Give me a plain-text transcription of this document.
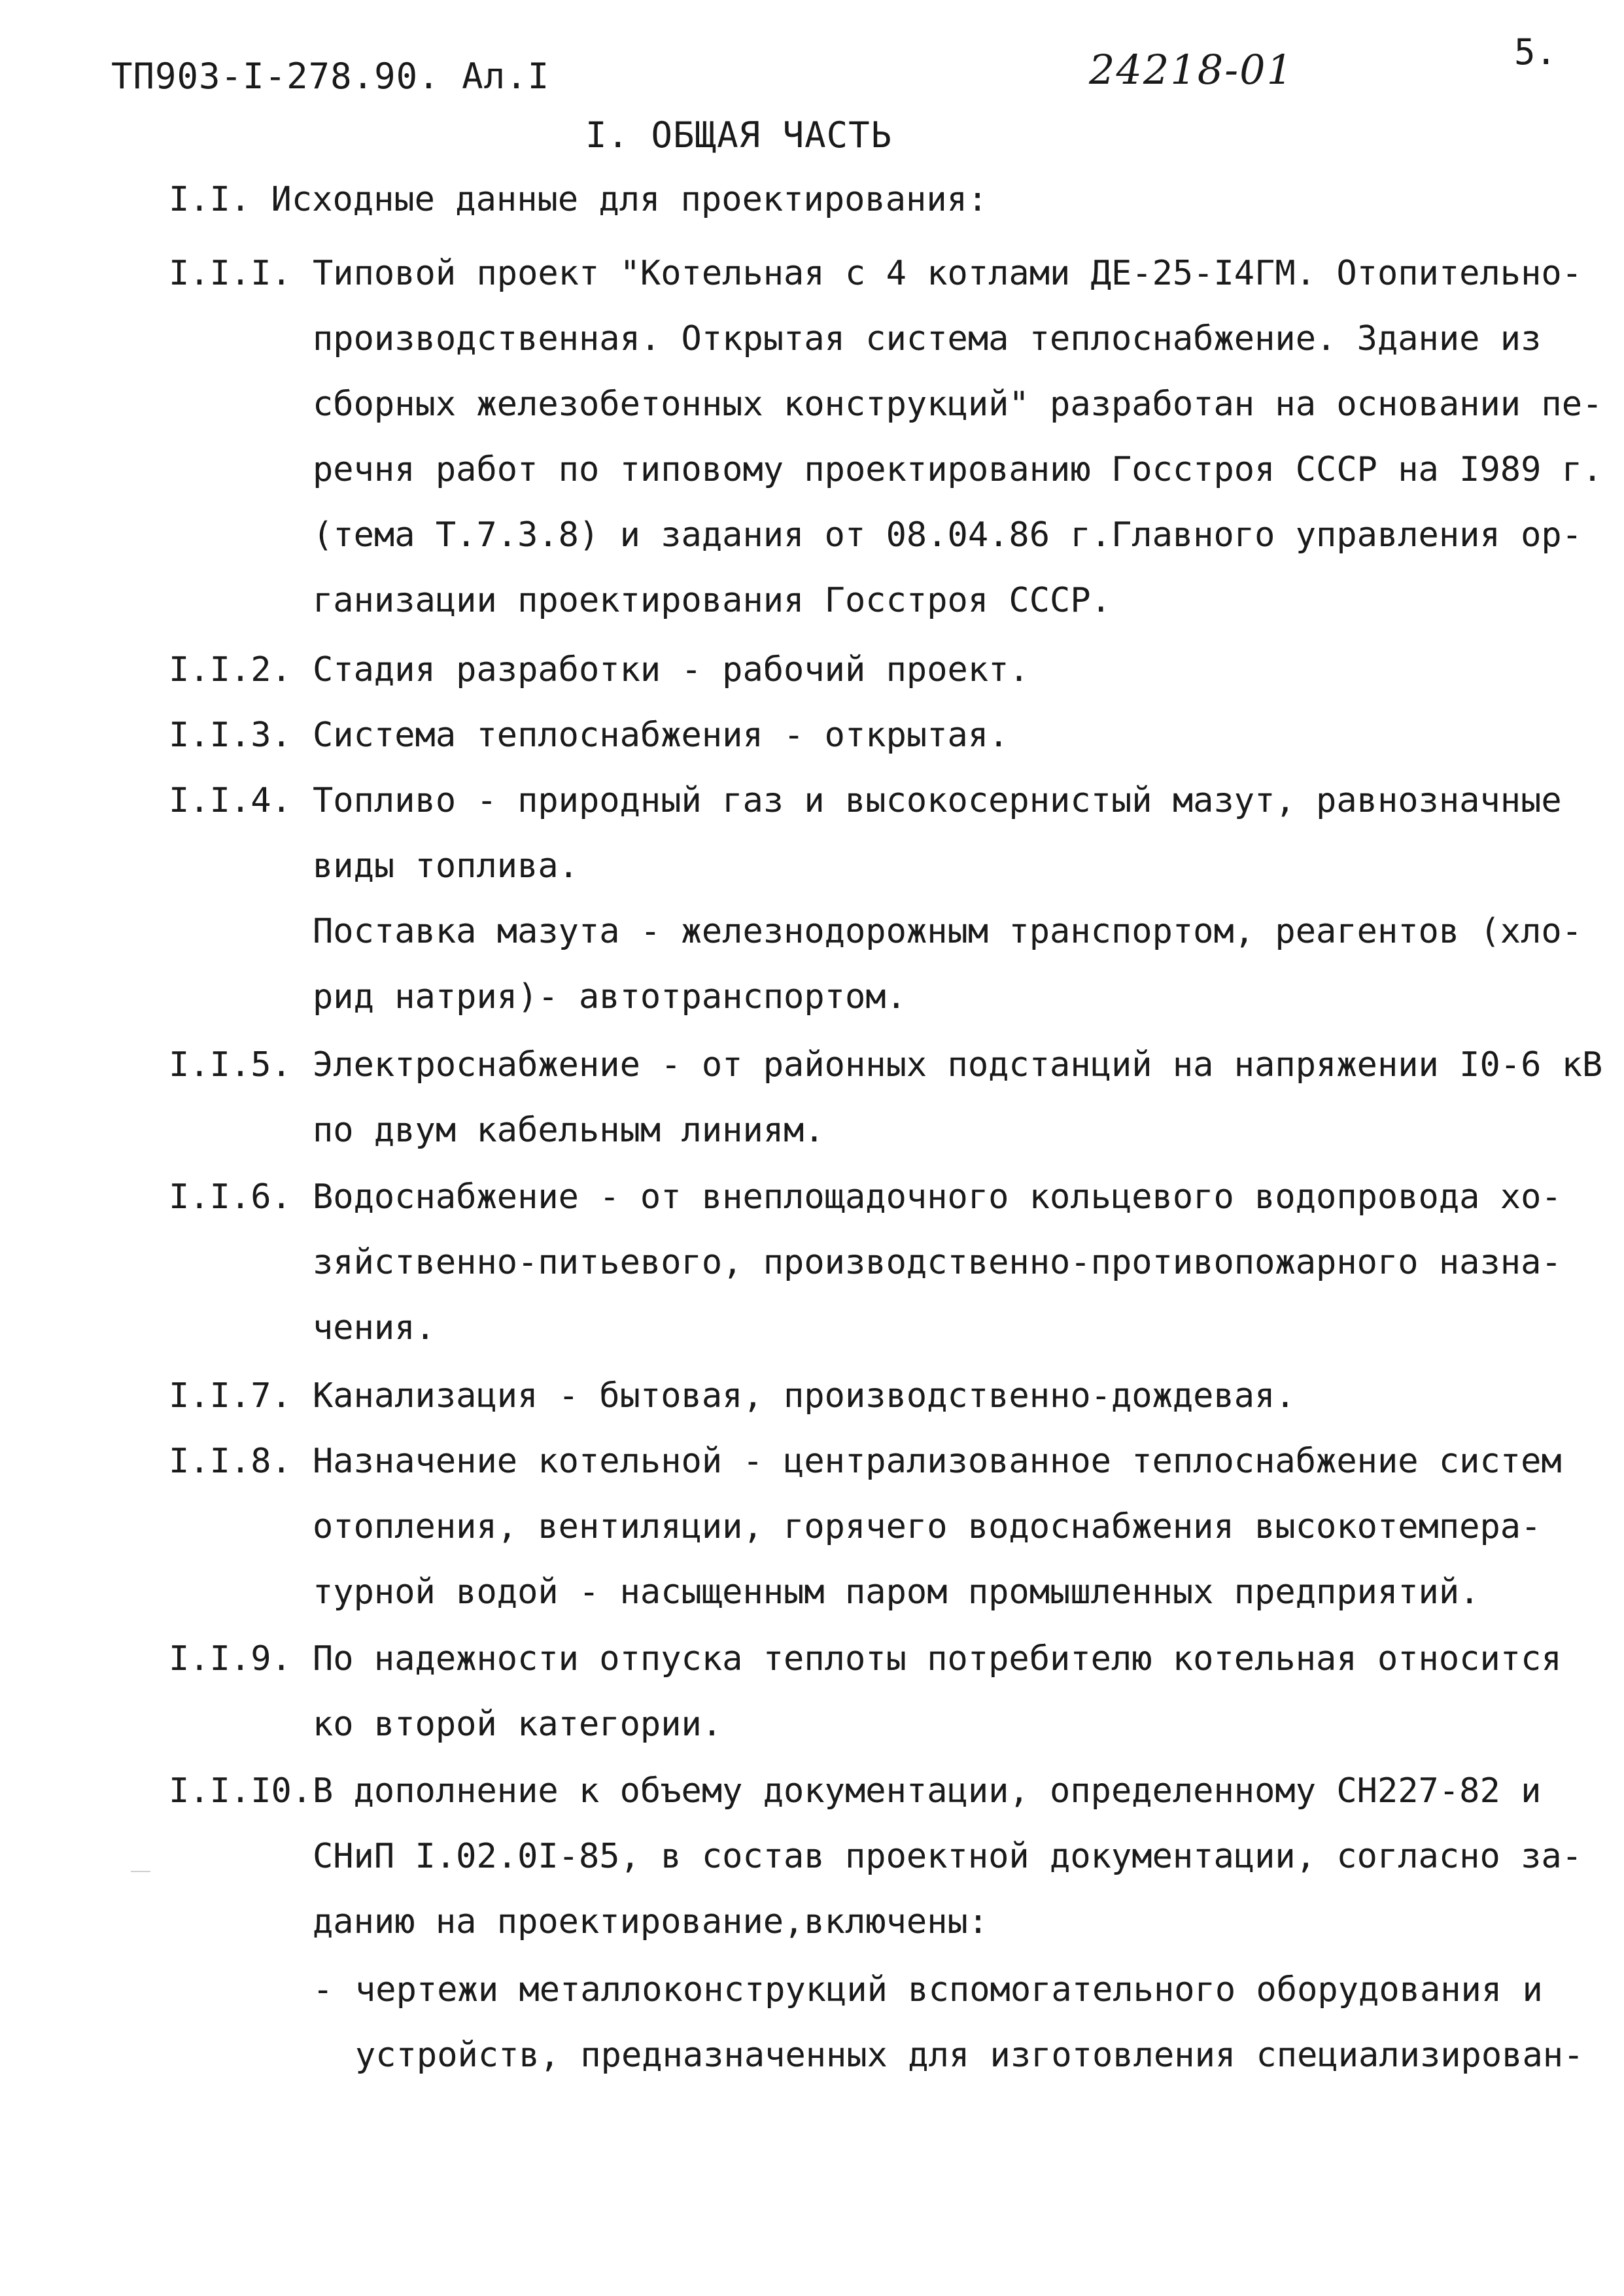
ТП903-I-278.90. Ал.I	24218-01	5.
I. ОБЩАЯ ЧАСТЬ
I.I. Исходные данные для проектирования:
I.I.I. Типовой проект "Котельная с 4 котлами ДЕ-25-I4ГМ. Отопительно-
производственная. Открытая система теплоснабжение. Здание из
сборных железобетонных конструкций" разработан на основании пе-
речня работ по типовому проектированию Госстроя СССР на I989 г.
(тема Т.7.3.8) и задания от 08.04.86 г.Главного управления ор-
ганизации проектирования Госстроя СССР.
I.I.2. Стадия разработки - рабочий проект.
I.I.3. Система теплоснабжения - открытая.
I.I.4. Топливо - природный газ и высокосернистый мазут, равнозначные
виды топлива.
Поставка мазута - железнодорожным транспортом, реагентов (хло-
рид натрия)- автотранспортом.
I.I.5. Электроснабжение - от районных подстанций на напряжении I0-6 кВ
по двум кабельным линиям.
I.I.6. Водоснабжение - от внеплощадочного кольцевого водопровода хо-
зяйственно-питьевого, производственно-противопожарного назна-
чения.
I.I.7. Канализация - бытовая, производственно-дождевая.
I.I.8. Назначение котельной - централизованное теплоснабжение систем
отопления, вентиляции, горячего водоснабжения высокотемпера-
турной водой - насыщенным паром промышленных предприятий.
I.I.9. По надежности отпуска теплоты потребителю котельная относится
ко второй категории.
I.I.I0. В дополнение к объему документации, определенному СН227-82 и
СНиП I.02.0I-85, в состав проектной документации, согласно за-
данию на проектирование,включены:
- чертежи металлоконструкций вспомогательного оборудования и
устройств, предназначенных для изготовления специализирован-
